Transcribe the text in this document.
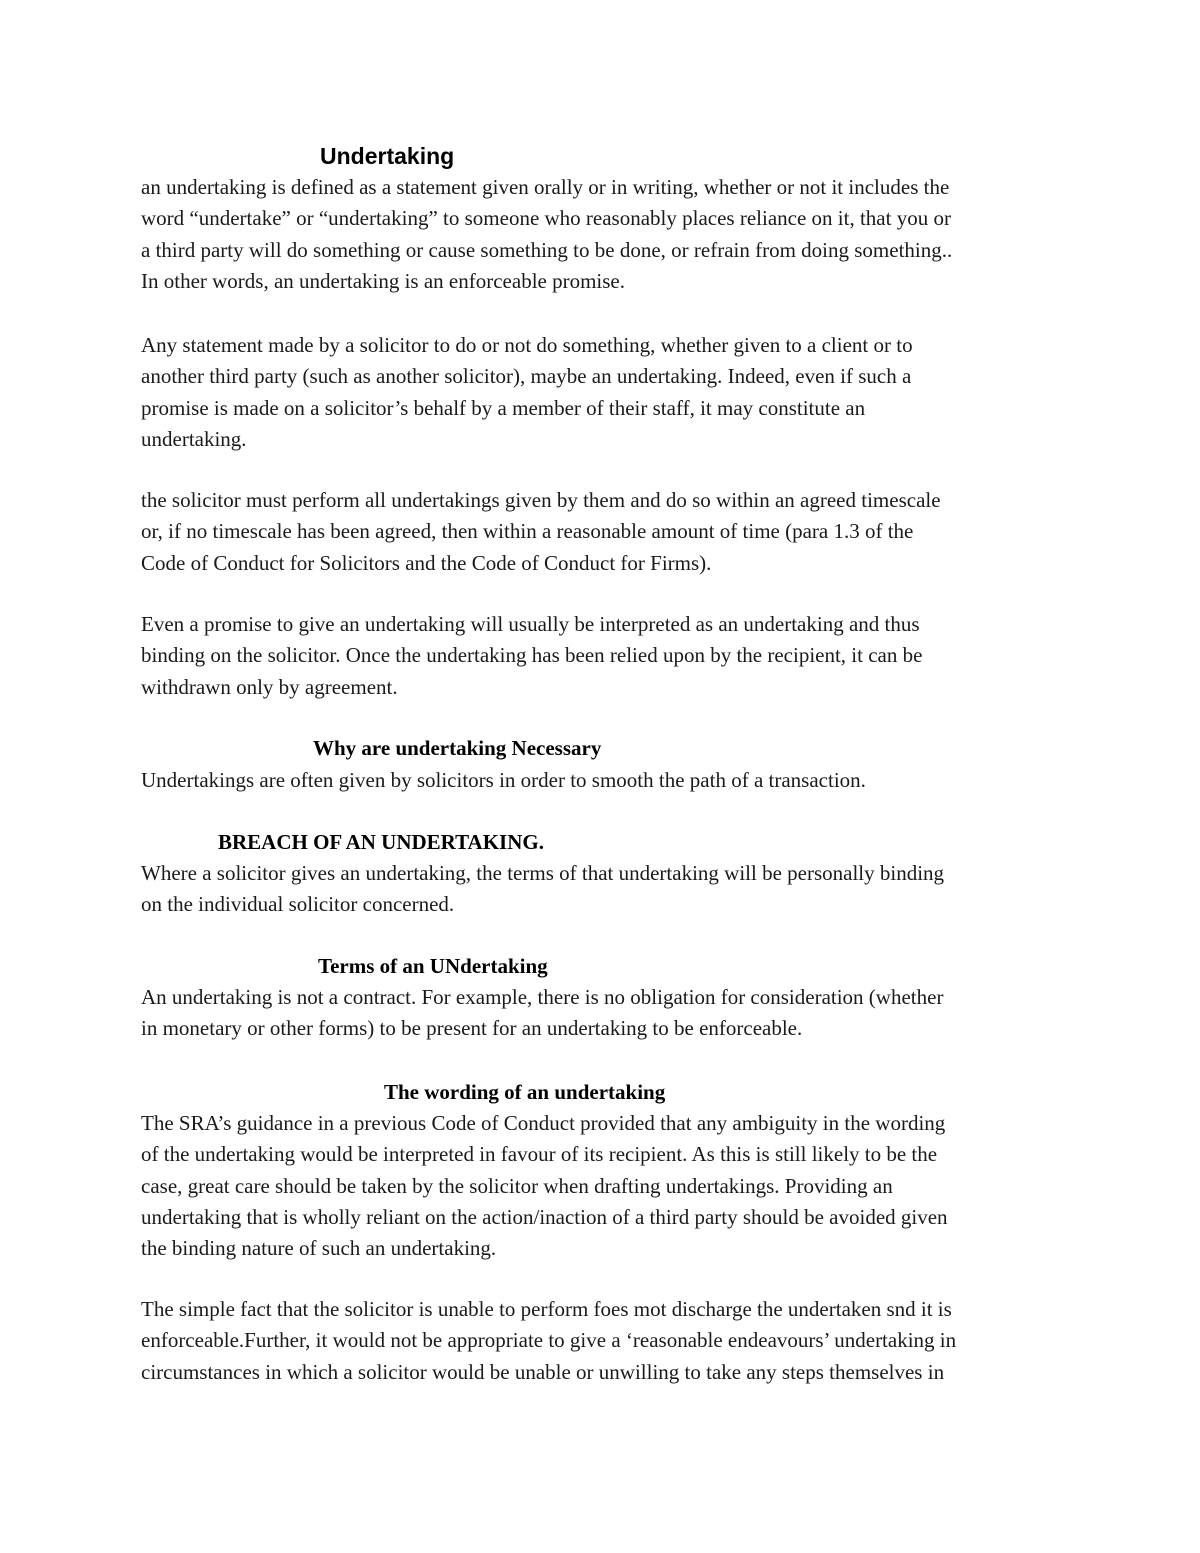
Undertaking

an undertaking is defined as a statement given orally or in writing, whether or not it includes the
word “undertake” or “undertaking” to someone who reasonably places reliance on it, that you or
a third party will do something or cause something to be done, or refrain from doing something..
In other words, an undertaking is an enforceable promise.

Any statement made by a solicitor to do or not do something, whether given to a client or to
another third party (such as another solicitor), maybe an undertaking. Indeed, even if such a
promise is made on a solicitor’s behalf by a member of their staff, it may constitute an
undertaking.

the solicitor must perform all undertakings given by them and do so within an agreed timescale
or, if no timescale has been agreed, then within a reasonable amount of time (para 1.3 of the
Code of Conduct for Solicitors and the Code of Conduct for Firms).

Even a promise to give an undertaking will usually be interpreted as an undertaking and thus
binding on the solicitor. Once the undertaking has been relied upon by the recipient, it can be
withdrawn only by agreement.

Why are undertaking Necessary

Undertakings are often given by solicitors in order to smooth the path of a transaction.

BREACH OF AN UNDERTAKING.

Where a solicitor gives an undertaking, the terms of that undertaking will be personally binding
on the individual solicitor concerned.

Terms of an UNdertaking

An undertaking is not a contract. For example, there is no obligation for consideration (whether
in monetary or other forms) to be present for an undertaking to be enforceable.

The wording of an undertaking

The SRA’s guidance in a previous Code of Conduct provided that any ambiguity in the wording
of the undertaking would be interpreted in favour of its recipient. As this is still likely to be the
case, great care should be taken by the solicitor when drafting undertakings. Providing an
undertaking that is wholly reliant on the action/inaction of a third party should be avoided given
the binding nature of such an undertaking.

The simple fact that the solicitor is unable to perform foes mot discharge the undertaken snd it is
enforceable.Further, it would not be appropriate to give a ‘reasonable endeavours’ undertaking in
circumstances in which a solicitor would be unable or unwilling to take any steps themselves in
